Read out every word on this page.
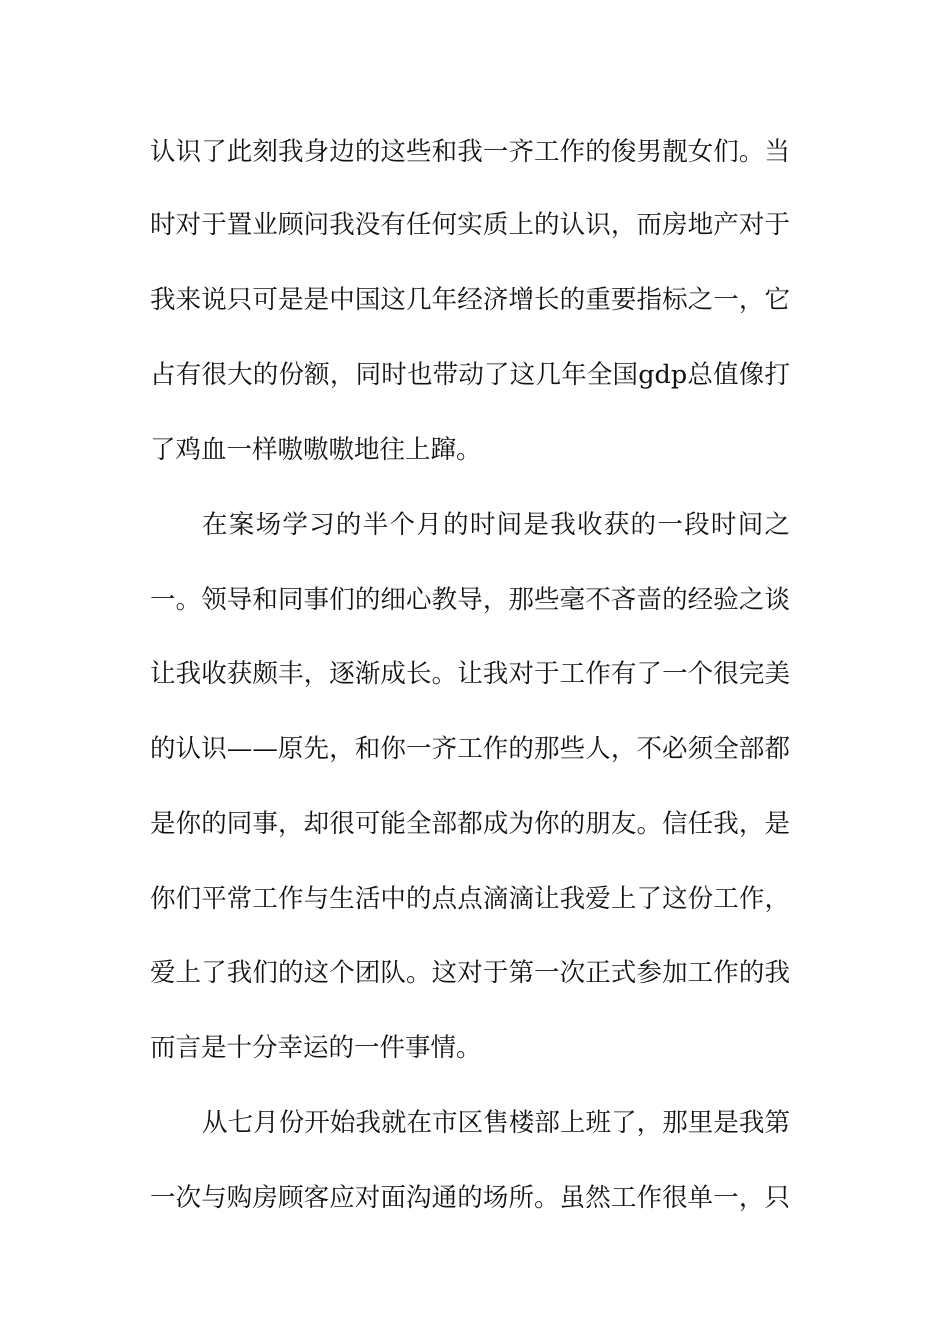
认识了此刻我身边的这些和我一齐工作的俊男靓女们。当
时对于置业顾问我没有任何实质上的认识，而房地产对于
我来说只可是是中国这几年经济增长的重要指标之一，它
占有很大的份额，同时也带动了这几年全国gdp总值像打
了鸡血一样嗷嗷嗷地往上蹿。
在案场学习的半个月的时间是我收获的一段时间之
一。领导和同事们的细心教导，那些毫不吝啬的经验之谈
让我收获颇丰，逐渐成长。让我对于工作有了一个很完美
的认识——原先，和你一齐工作的那些人，不必须全部都
是你的同事，却很可能全部都成为你的朋友。信任我，是
你们平常工作与生活中的点点滴滴让我爱上了这份工作，
爱上了我们的这个团队。这对于第一次正式参加工作的我
而言是十分幸运的一件事情。
从七月份开始我就在市区售楼部上班了，那里是我第
一次与购房顾客应对面沟通的场所。虽然工作很单一，只
